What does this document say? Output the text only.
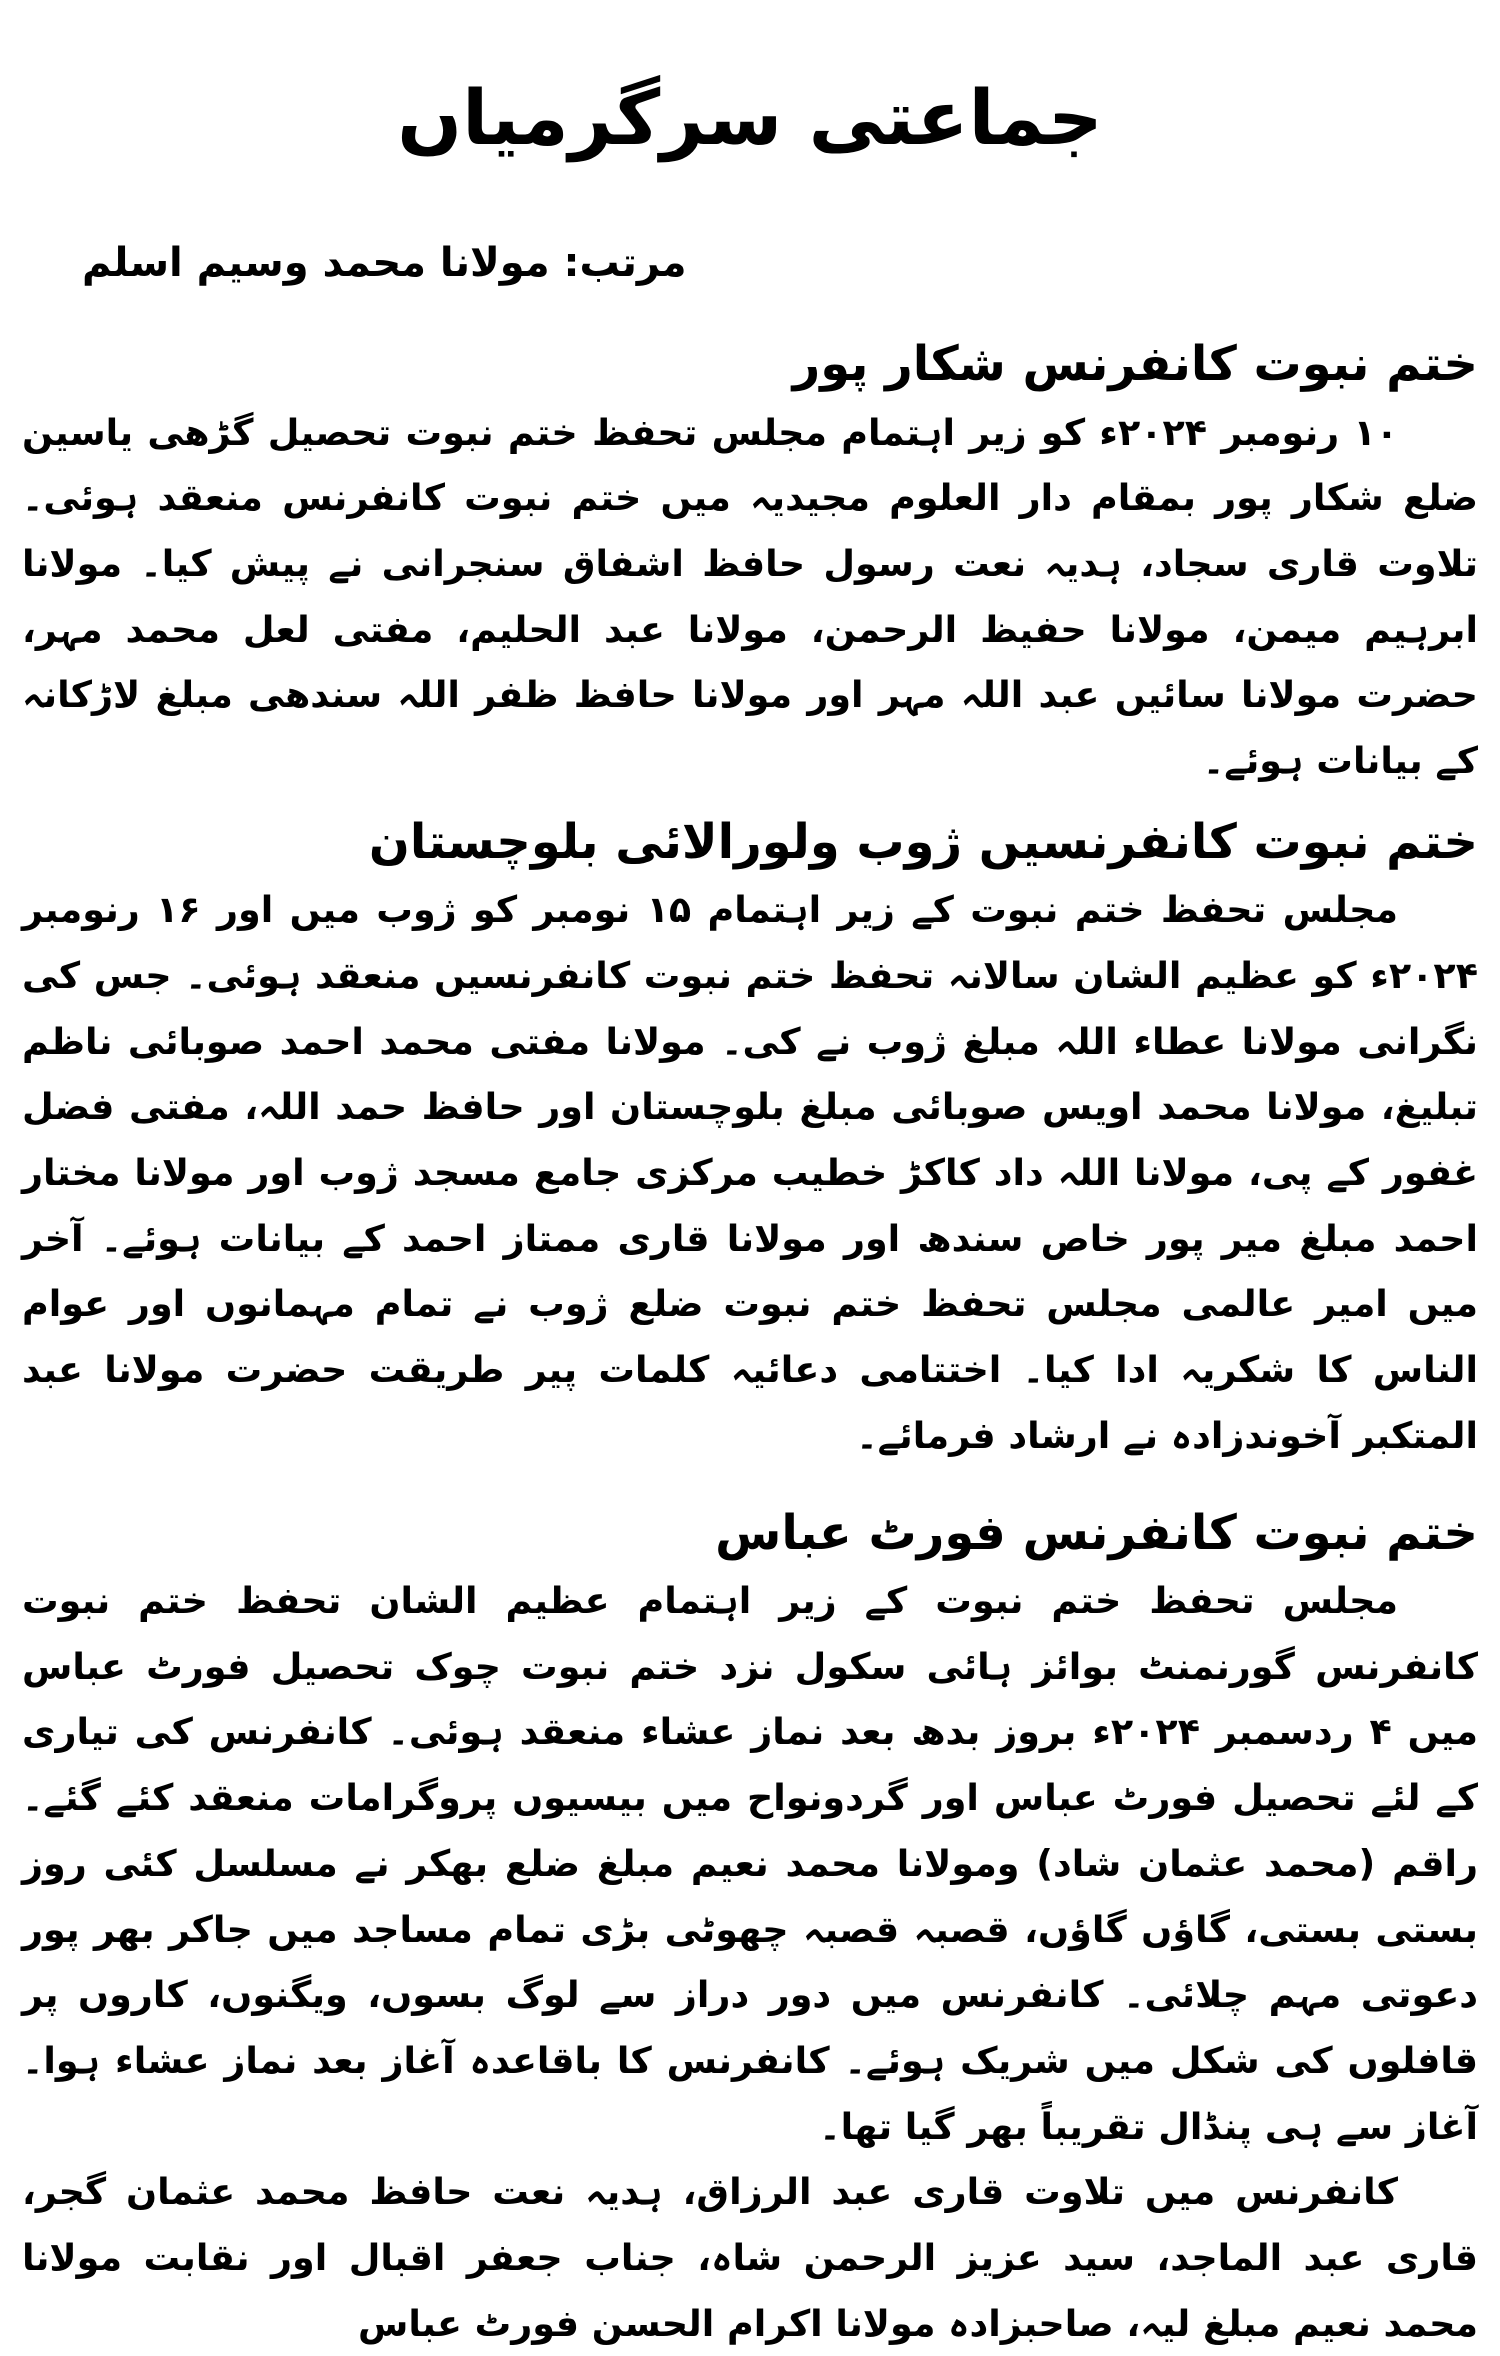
جماعتی سرگرمیاں
مرتب: مولانا محمد وسیم اسلم
ختم نبوت کانفرنس شکار پور

۱۰ رنومبر ۲۰۲۴ء کو زیر اہتمام مجلس تحفظ ختم نبوت تحصیل گڑھی یاسین ضلع شکار پور بمقام دار العلوم مجیدیہ میں ختم نبوت کانفرنس منعقد ہوئی۔ تلاوت قاری سجاد، ہدیہ نعت رسول حافظ اشفاق سنجرانی نے پیش کیا۔ مولانا ابرہیم میمن، مولانا حفیظ الرحمن، مولانا عبد الحلیم، مفتی لعل محمد مہر، حضرت مولانا سائیں عبد اللہ مہر اور مولانا حافظ ظفر اللہ سندھی مبلغ لاڑکانہ کے بیانات ہوئے۔

ختم نبوت کانفرنسیں ژوب ولورالائی بلوچستان

مجلس تحفظ ختم نبوت کے زیر اہتمام ۱۵ نومبر کو ژوب میں اور ۱۶ رنومبر ۲۰۲۴ء کو عظیم الشان سالانہ تحفظ ختم نبوت کانفرنسیں منعقد ہوئی۔ جس کی نگرانی مولانا عطاء اللہ مبلغ ژوب نے کی۔ مولانا مفتی محمد احمد صوبائی ناظم تبلیغ، مولانا محمد اویس صوبائی مبلغ بلوچستان اور حافظ حمد اللہ، مفتی فضل غفور کے پی، مولانا اللہ داد کاکڑ خطیب مرکزی جامع مسجد ژوب اور مولانا مختار احمد مبلغ میر پور خاص سندھ اور مولانا قاری ممتاز احمد کے بیانات ہوئے۔ آخر میں امیر عالمی مجلس تحفظ ختم نبوت ضلع ژوب نے تمام مہمانوں اور عوام الناس کا شکریہ ادا کیا۔ اختتامی دعائیہ کلمات پیر طریقت حضرت مولانا عبد المتکبر آخوندزادہ نے ارشاد فرمائے۔

ختم نبوت کانفرنس فورٹ عباس

مجلس تحفظ ختم نبوت کے زیر اہتمام عظیم الشان تحفظ ختم نبوت کانفرنس گورنمنٹ بوائز ہائی سکول نزد ختم نبوت چوک تحصیل فورٹ عباس میں ۴ ردسمبر ۲۰۲۴ء بروز بدھ بعد نماز عشاء منعقد ہوئی۔ کانفرنس کی تیاری کے لئے تحصیل فورٹ عباس اور گردونواح میں بیسیوں پروگرامات منعقد کئے گئے۔ راقم (محمد عثمان شاد) ومولانا محمد نعیم مبلغ ضلع بھکر نے مسلسل کئی روز بستی بستی، گاؤں گاؤں، قصبہ قصبہ چھوٹی بڑی تمام مساجد میں جاکر بھر پور دعوتی مہم چلائی۔ کانفرنس میں دور دراز سے لوگ بسوں، ویگنوں، کاروں پر قافلوں کی شکل میں شریک ہوئے۔ کانفرنس کا باقاعدہ آغاز بعد نماز عشاء ہوا۔ آغاز سے ہی پنڈال تقریباً بھر گیا تھا۔

کانفرنس میں تلاوت قاری عبد الرزاق، ہدیہ نعت حافظ محمد عثمان گجر، قاری عبد الماجد، سید عزیز الرحمن شاہ، جناب جعفر اقبال اور نقابت مولانا محمد نعیم مبلغ لیہ، صاحبزادہ مولانا اکرام الحسن فورٹ عباس
